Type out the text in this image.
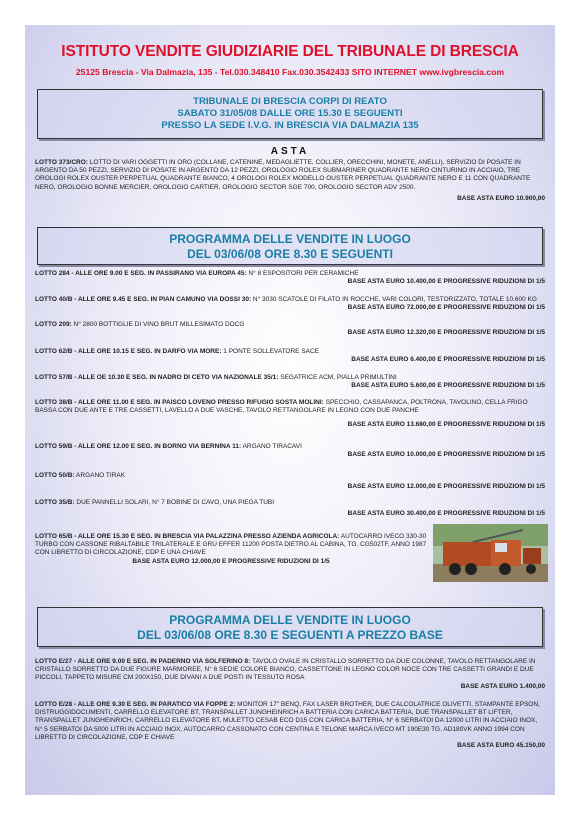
ISTITUTO VENDITE GIUDIZIARIE DEL TRIBUNALE DI BRESCIA
25125 Brescia - Via Dalmazia, 135 - Tel.030.348410 Fax.030.3542433 SITO INTERNET www.ivgbrescia.com
TRIBUNALE DI BRESCIA CORPI DI REATO
SABATO 31/05/08 DALLE ORE 15.30 E SEGUENTI
PRESSO LA SEDE I.V.G. IN BRESCIA VIA DALMAZIA 135
ASTA
LOTTO 373/CRO: LOTTO DI VARI OGGETTI IN ORO (COLLANE, CATENINE, MEDAGLIETTE, COLLIER, ORECCHINI, MONETE, ANELLI), SERVIZIO DI POSATE IN ARGENTO DA 50 PEZZI, SERVIZIO DI POSATE IN ARGENTO DA 12 PEZZI, OROLOGIO ROLEX SUBMARINER QUADRANTE NERO CINTURINO IN ACCIAIO, TRE OROLOGI ROLEX OUSTER PERPETUAL QUADRANTE BIANCO, 4 OROLOGI ROLEX MODELLO OUSTER PERPETUAL QUADRANTE NERO E 11 CON QUADRANTE NERO, OROLOGIO BONNE MERCIER, OROLOGIO CARTIER, OROLOGIO SECTOR SGE 700, OROLOGIO SECTOR ADV 2500.
BASE ASTA EURO 10.900,00
PROGRAMMA DELLE VENDITE IN LUOGO
DEL 03/06/08 ORE 8.30 E SEGUENTI
LOTTO 284 - ALLE ORE 9.00 E SEG. IN PASSIRANO VIA EUROPA 45: N° 8 ESPOSITORI PER CERAMICHE
BASE ASTA EURO 10.400,00 E PROGRESSIVE RIDUZIONI DI 1/5
LOTTO 40/B - ALLE ORE 9.45 E SEG. IN PIAN CAMUNO VIA DOSSI 30: N° 3030 SCATOLE DI FILATO IN ROCCHE, VARI COLORI, TESTORIZZATO, TOTALE 10.600 KG
BASE ASTA EURO 72.000,00 E PROGRESSIVE RIDUZIONI DI 1/5
LOTTO 209: N° 2800 BOTTIGLIE DI VINO BRUT MILLESIMATO DOCG
BASE ASTA EURO 12.320,00 E PROGRESSIVE RIDUZIONI DI 1/5
LOTTO 62/B - ALLE ORE 10.15 E SEG. IN DARFO VIA MORE: 1 PONTE SOLLEVATORE SACE
BASE ASTA EURO 6.400,00 E PROGRESSIVE RIDUZIONI DI 1/5
LOTTO 57/B - ALLE OE 10.30 E SEG. IN NADRO DI CETO VIA NAZIONALE 35/1: SEGATRICE ACM, PIALLA PRIMULTINI
BASE ASTA EURO 5.600,00 E PROGRESSIVE RIDUZIONI DI 1/5
LOTTO 38/B - ALLE ORE 11.00 E SEG. IN PAISCO LOVENO PRESSO RIFUGIO SOSTA MOLINI: SPECCHIO, CASSAPANCA, POLTRONA, TAVOLINO, CELLA FRIGO BASSA CON DUE ANTE E TRE CASSETTI, LAVELLO A DUE VASCHE, TAVOLO RETTANGOLARE IN LEGNO CON DUE PANCHE
BASE ASTA EURO 13.680,00 E PROGRESSIVE RIDUZIONI DI 1/5
LOTTO 59/B - ALLE ORE 12.00 E SEG. IN BORNO VIA BERNINA 11: ARGANO TIRACAVI
BASE ASTA EURO 10.000,00 E PROGRESSIVE RIDUZIONI DI 1/5
LOTTO 50/B: ARGANO TIRAK
BASE ASTA EURO 12.000,00 E PROGRESSIVE RIDUZIONI DI 1/5
LOTTO 35/B: DUE PANNELLI SOLARI, N° 7 BOBINE DI CAVO, UNA PIEGA TUBI
BASE ASTA EURO 30.400,00 E PROGRESSIVE RIDUZIONI DI 1/5
LOTTO 65/B - ALLE ORE 15.30 E SEG. IN BRESCIA VIA PALAZZINA PRESSO AZIENDA AGRICOLA: AUTOCARRO IVECO 330-30 TURBO CON CASSONE RIBALTABILE TRILATERALE E GRU EFFER 11200 POSTA DIETRO AL CABINA, TG. CG502TF, ANNO 1987 CON LIBRETTO DI CIRCOLAZIONE, CDP E UNA CHIAVE
BASE ASTA EURO 12.000,00 E PROGRESSIVE RIDUZIONI DI 1/5
PROGRAMMA DELLE VENDITE IN LUOGO
DEL 03/06/08 ORE 8.30 E SEGUENTI A PREZZO BASE
LOTTO E/27 - ALLE ORE 9.00 E SEG. IN PADERNO VIA SOLFERINO 8: TAVOLO OVALE IN CRISTALLO SORRETTO DA DUE COLONNE, TAVOLO RETTANGOLARE IN CRISTALLO SORRETTO DA DUE FIGURE MARMOREE, N° 6 SEDIE COLORE BIANCO, CASSETTONE IN LEGNO COLOR NOCE CON TRE CASSETTI GRANDI E DUE PICCOLI, TAPPETO MISURE CM 200X150, DUE DIVANI A DUE POSTI IN TESSUTO ROSA
BASE ASTA EURO 1.400,00
LOTTO E/28 - ALLE ORE 9.30 E SEG. IN PARATICO VIA FOPPE 2: MONITOR 17" BENQ, FAX LASER BROTHER, DUE CALCOLATRICE OLIVETTI, STAMPANTE EPSON, DISTRUGGIDOCUMENTI, CARRELLO ELEVATORE BT, TRANSPALLET JUNGHEINRICH A BATTERIA CON CARICA BATTERIA, DUE TRANSPALLET BT LIFTER, TRANSPALLET JUNGHEINRICH, CARRELLO ELEVATORE BT, MULETTO CESAB ECO D15 CON CARICA BATTERIA, N° 6 SERBATOI DA 12000 LITRI IN ACCIAIO INOX, N° 5 SERBATOI DA 5000 LITRI IN ACCIAIO INOX, AUTOCARRO CASSONATO CON CENTINA E TELONE MARCA IVECO MT 190E30 TG. AD180VK ANNO 1994 CON LIBRETTO DI CIRCOLAZIONE, CDP E CHIAVE
BASE ASTA EURO 45.150,00
